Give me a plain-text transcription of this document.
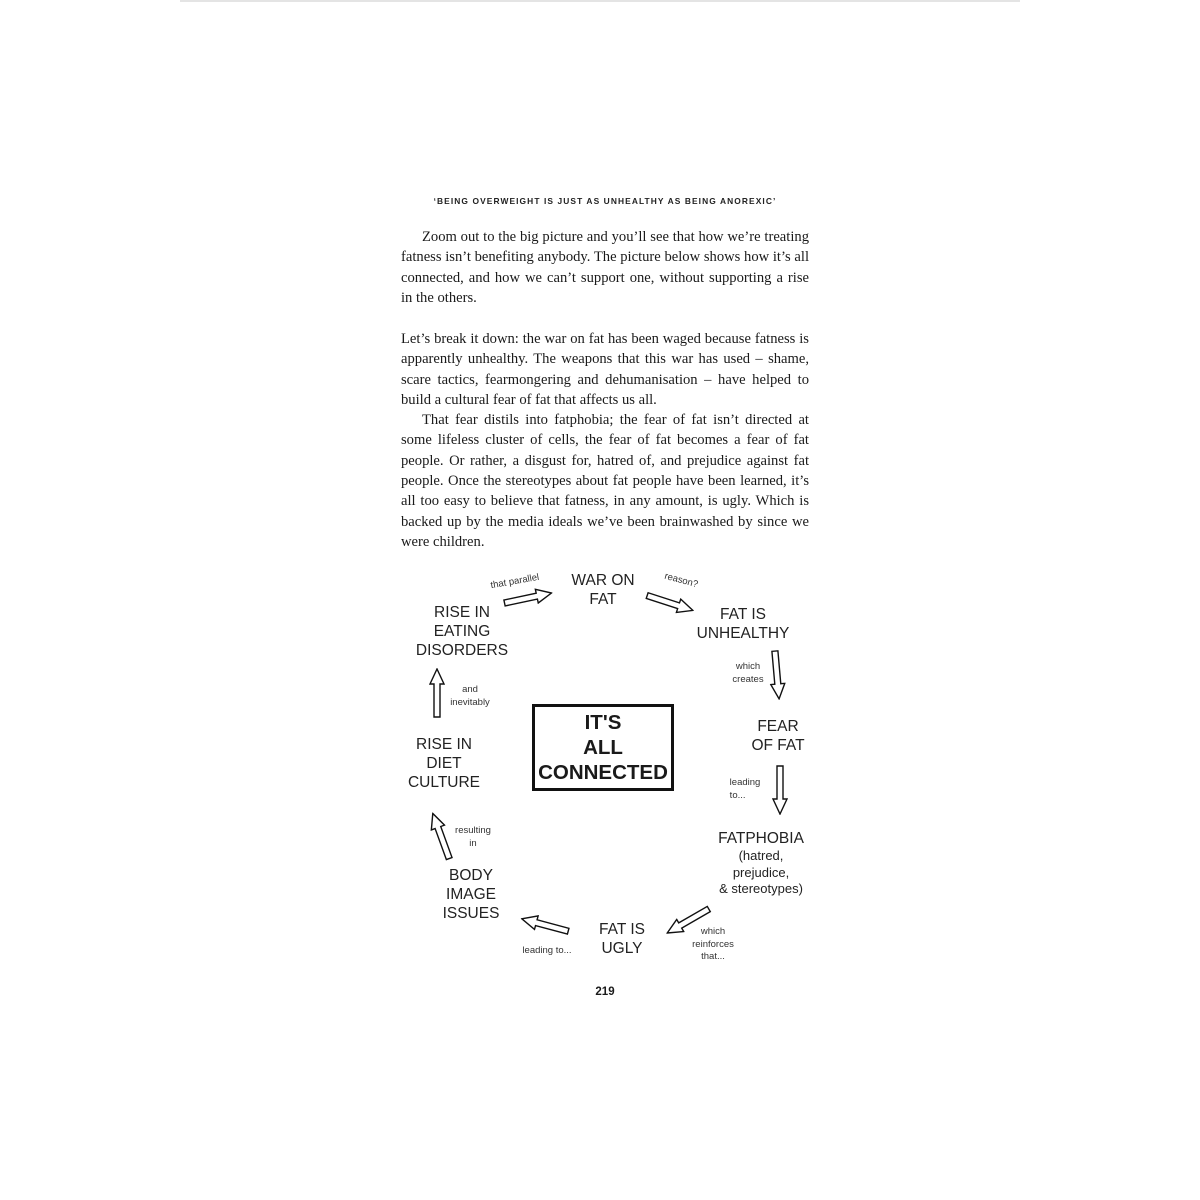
‘BEING OVERWEIGHT IS JUST AS UNHEALTHY AS BEING ANOREXIC’

Zoom out to the big picture and you’ll see that how we’re treating fatness isn’t benefiting anybody. The picture below shows how it’s all connected, and how we can’t support one, without supporting a rise in the others.

Let’s break it down: the war on fat has been waged because fatness is apparently unhealthy. The weapons that this war has used – shame, scare tactics, fearmongering and dehumanisation – have helped to build a cultural fear of fat that affects us all.

That fear distils into fatphobia; the fear of fat isn’t directed at some lifeless cluster of cells, the fear of fat becomes a fear of fat people. Or rather, a disgust for, hatred of, and prejudice against fat people. Once the stereotypes about fat people have been learned, it’s all too easy to believe that fatness, in any amount, is ugly. Which is backed up by the media ideals we’ve been brainwashed by since we were children.

IT'S
ALL
CONNECTED
WAR ON
FAT
FAT IS
UNHEALTHY
FEAR
OF FAT
FATPHOBIA
(hatred,
prejudice,
& stereotypes)
FAT IS
UGLY
BODY
IMAGE
ISSUES
RISE IN
DIET
CULTURE
RISE IN
EATING
DISORDERS
that parallel	reason?
which
creates
leading
to...
which
reinforces
that...
leading to...
resulting
in
and
inevitably
219
